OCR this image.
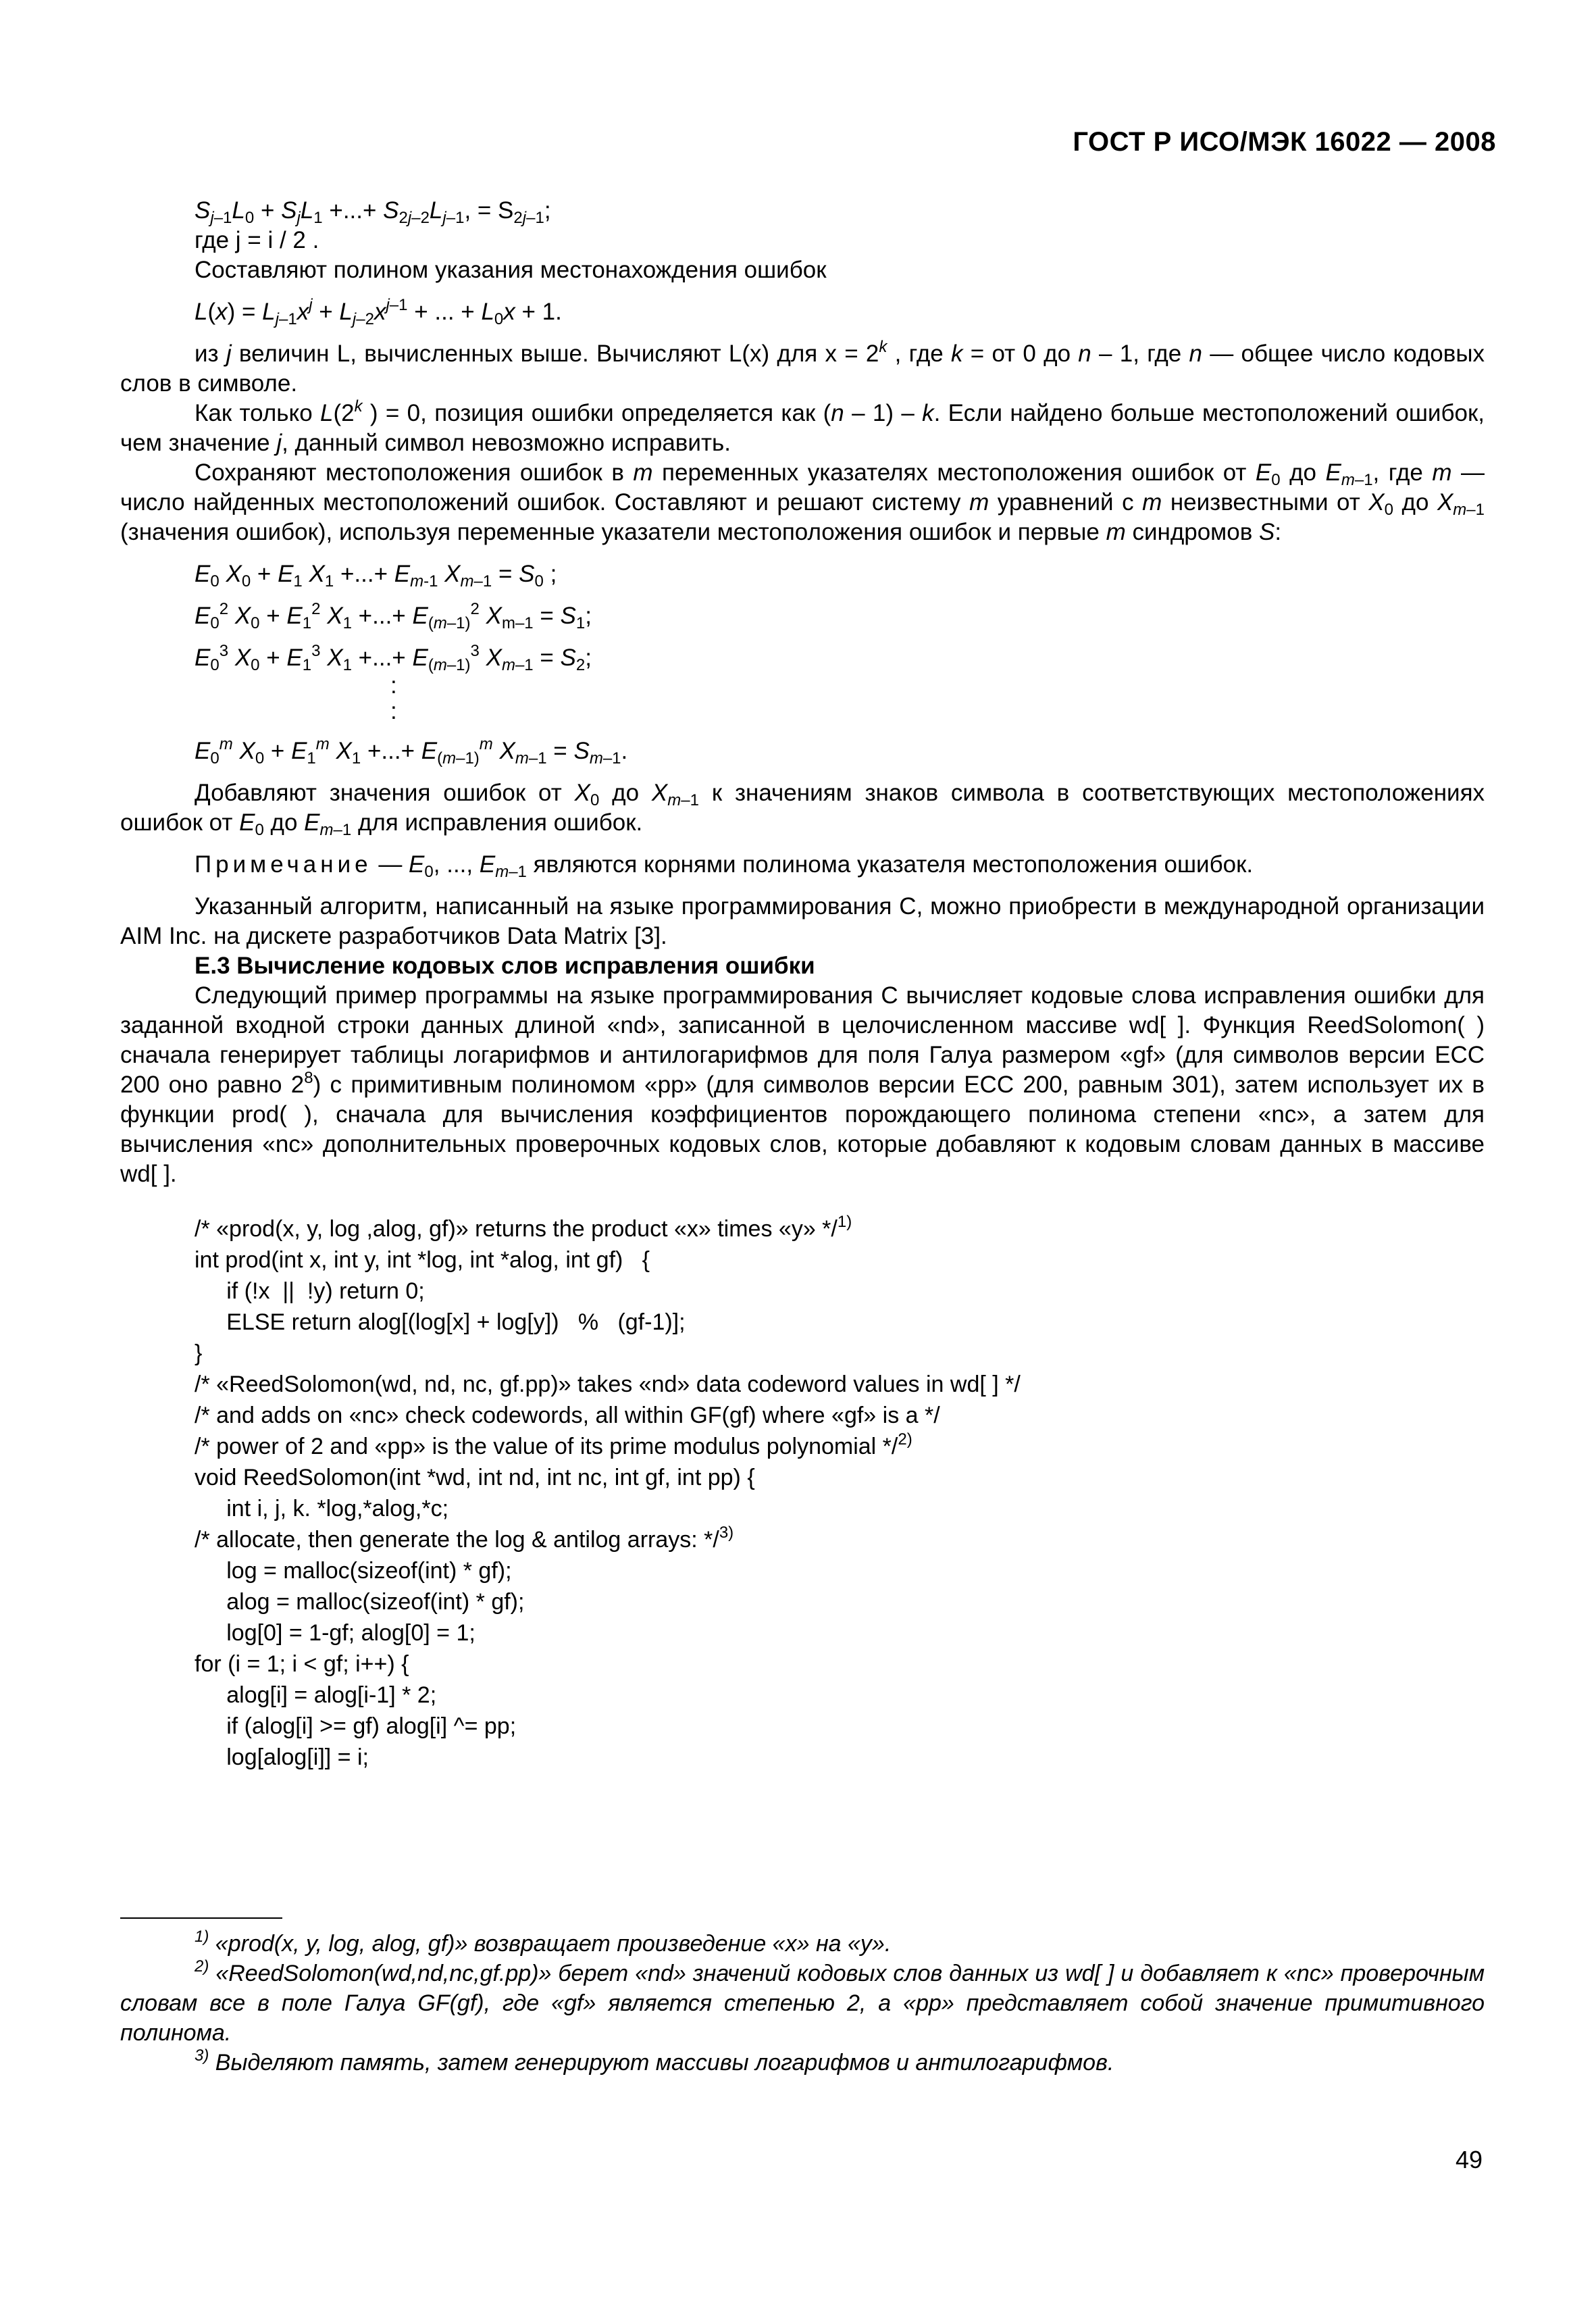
ГОСТ Р ИСО/МЭК 16022 — 2008
$S_{j-1}L_0 + S_jL_1$ +...+ $S_{2j-2}L_{j-1}$, = $S_{2j-1}$;
где j = i / 2 .
Составляют полином указания местонахождения ошибок
$L(x) = L_{j-1}x^j + L_{j-2}x^{j-1}$ + ... + $L_0x + 1$.
из j величин L, вычисленных выше. Вычисляют L(x) для $x = 2^k$ , где k = от 0 до n – 1, где n — общее число кодовых слов в символе.
Как только L(2$^k$ ) = 0, позиция ошибки определяется как (n – 1) – k. Если найдено больше местоположений ошибок, чем значение j, данный символ невозможно исправить.
Сохраняют местоположения ошибок в m переменных указателях местоположения ошибок от $E_0$ до $E_{m-1}$, где m — число найденных местоположений ошибок. Составляют и решают систему m уравнений с m неизвестными от $X_0$ до $X_{m-1}$ (значения ошибок), используя переменные указатели местоположения ошибок и первые m синдромов S:
$E_0$ $X_0 + E_1$ $X_1$ +...+ $E_{m-1}$ $X_{m-1} = S_0$ ;
$E_0^2$ $X_0 + E_1^2$ $X_1$ +...+ $E_{(m-1)}^2$ $X_{m-1} = S_1$;
$E_0^3$ $X_0 + E_1^3$ $X_1$ +...+ $E_{(m-1)}^3$ $X_{m-1} = S_2$;
:
:
$E_0^m$ $X_0 + E_1^m$ $X_1$ +...+ $E_{(m-1)}^m$ $X_{m-1} = S_{m-1}$.
Добавляют значения ошибок от $X_0$ до $X_{m-1}$ к значениям знаков символа в соответствующих местоположениях ошибок от $E_0$ до $E_{m-1}$ для исправления ошибок.
Примечание — $E_0$, ..., $E_{m-1}$ являются корнями полинома указателя местоположения ошибок.
Указанный алгоритм, написанный на языке программирования С, можно приобрести в международной организации AIM Inc. на дискете разработчиков Data Matrix [3].
E.3 Вычисление кодовых слов исправления ошибки
Следующий пример программы на языке программирования С вычисляет кодовые слова исправления ошибки для заданной входной строки данных длиной «nd», записанной в целочисленном массиве wd[ ]. Функция ReedSolomon( ) сначала генерирует таблицы логарифмов и антилогарифмов для поля Галуа размером «gf» (для символов версии ЕСС 200 оно равно $2^8$) с примитивным полиномом «pp» (для символов версии ЕСС 200, равным 301), затем использует их в функции prod( ), сначала для вычисления коэффициентов порождающего полинома степени «nc», а затем для вычисления «nc» дополнительных проверочных кодовых слов, которые добавляют к кодовым словам данных в массиве wd[ ].
/* «prod(x, y, log ,alog, gf)» returns the product «x» times «y» */$^{1)}$
int prod(int x, int y, int *log, int *alog, int gf)   {
if (!x  ||  !y) return 0;
ELSE return alog[(log[x] + log[y])   %   (gf-1)];
}
/* «ReedSolomon(wd, nd, nc, gf.pp)» takes «nd» data codeword values in wd[ ] */
/* and adds on «nc» check codewords, all within GF(gf) where «gf» is a */
/* power of 2 and «pp» is the value of its prime modulus polynomial */$^{2)}$
void ReedSolomon(int *wd, int nd, int nc, int gf, int pp) {
int i, j, k. *log,*alog,*c;
/* allocate, then generate the log & antilog arrays: */$^{3)}$
log = malloc(sizeof(int) * gf);
alog = malloc(sizeof(int) * gf);
log[0] = 1-gf; alog[0] = 1;
for (i = 1; i < gf; i++) {
alog[i] = alog[i-1] * 2;
if (alog[i] >= gf) alog[i] ^= pp;
log[alog[i]] = i;
$^{1)}$ «prod(x, y, log, alog, gf)» возвращает произведение «x» на «y».
$^{2)}$ «ReedSolomon(wd,nd,nc,gf.pp)» берет «nd» значений кодовых слов данных из wd[ ] и добавляет к «nc» проверочным словам все в поле Галуа GF(gf), где «gf» является степенью 2, а «pp» представляет собой значение примитивного полинома.
$^{3)}$ Выделяют память, затем генерируют массивы логарифмов и антилогарифмов.
49
